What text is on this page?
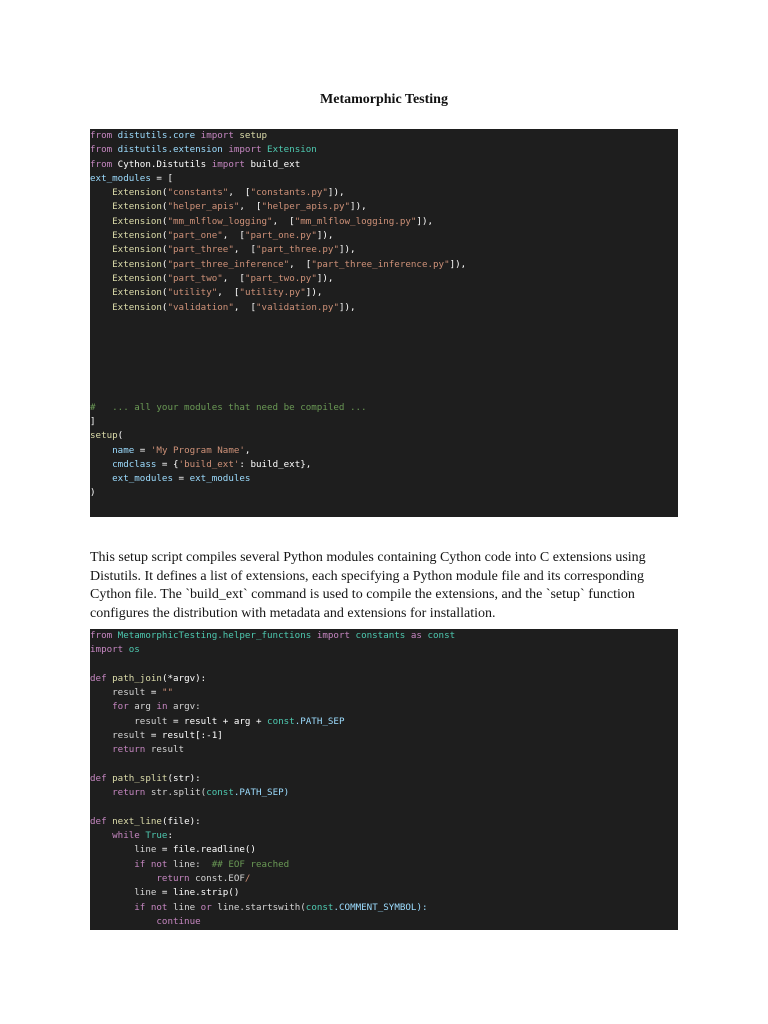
Metamorphic Testing
from distutils.core import setup
from distutils.extension import Extension
from Cython.Distutils import build_ext
ext_modules = [
Extension("constants",  ["constants.py"]),
Extension("helper_apis",  ["helper_apis.py"]),
Extension("mm_mlflow_logging",  ["mm_mlflow_logging.py"]),
Extension("part_one",  ["part_one.py"]),
Extension("part_three",  ["part_three.py"]),
Extension("part_three_inference",  ["part_three_inference.py"]),
Extension("part_two",  ["part_two.py"]),
Extension("utility",  ["utility.py"]),
Extension("validation",  ["validation.py"]),

#   ... all your modules that need be compiled ...
]
setup(
name = 'My Program Name',
cmdclass = {'build_ext': build_ext},
ext_modules = ext_modules
)

This setup script compiles several Python modules containing Cython code into C extensions using Distutils. It defines a list of extensions, each specifying a Python module file and its corresponding Cython file. The `build_ext` command is used to compile the extensions, and the `setup` function configures the distribution with metadata and extensions for installation.

from MetamorphicTesting.helper_functions import constants as const
import os

def path_join(*argv):
result = ""
for arg in argv:
result = result + arg + const.PATH_SEP
result = result[:-1]
return result

def path_split(str):
return str.split(const.PATH_SEP)

def next_line(file):
while True:
line = file.readline()
if not line:  ## EOF reached
return const.EOF/
line = line.strip()
if not line or line.startswith(const.COMMENT_SYMBOL):
continue
